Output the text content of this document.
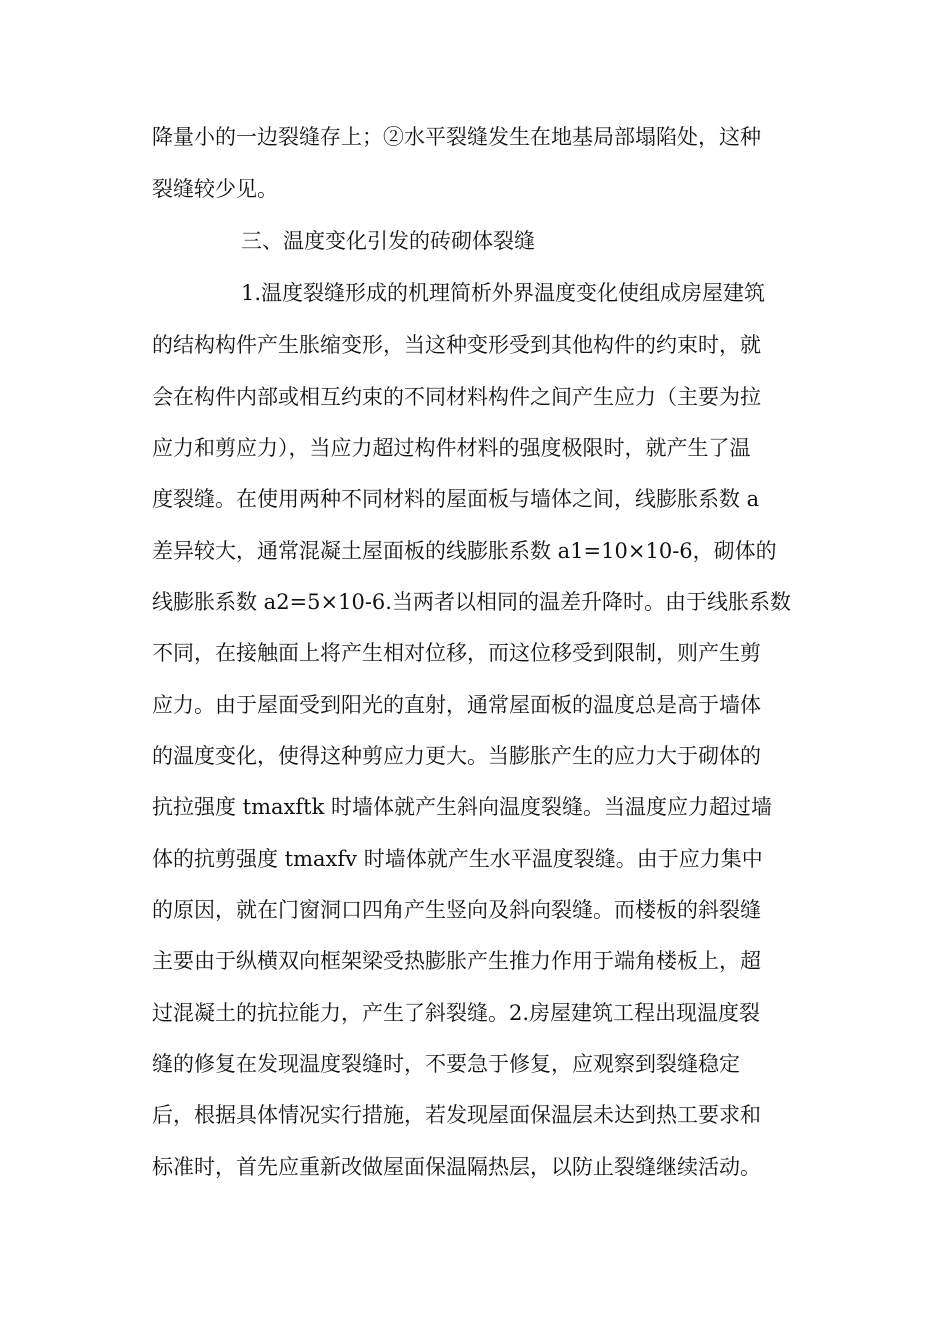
降量小的一边裂缝存上；②水平裂缝发生在地基局部塌陷处，这种
裂缝较少见。
三、温度变化引发的砖砌体裂缝
1.温度裂缝形成的机理简析外界温度变化使组成房屋建筑
的结构构件产生胀缩变形，当这种变形受到其他构件的约束时，就
会在构件内部或相互约束的不同材料构件之间产生应力（主要为拉
应力和剪应力），当应力超过构件材料的强度极限时，就产生了温
度裂缝。在使用两种不同材料的屋面板与墙体之间，线膨胀系数 a
差异较大，通常混凝土屋面板的线膨胀系数 a1=10×10-6，砌体的
线膨胀系数 a2=5×10-6.当两者以相同的温差升降时。由于线胀系数
不同，在接触面上将产生相对位移，而这位移受到限制，则产生剪
应力。由于屋面受到阳光的直射，通常屋面板的温度总是高于墙体
的温度变化，使得这种剪应力更大。当膨胀产生的应力大于砌体的
抗拉强度 tmaxftk 时墙体就产生斜向温度裂缝。当温度应力超过墙
体的抗剪强度 tmaxfv 时墙体就产生水平温度裂缝。由于应力集中
的原因，就在门窗洞口四角产生竖向及斜向裂缝。而楼板的斜裂缝
主要由于纵横双向框架梁受热膨胀产生推力作用于端角楼板上，超
过混凝土的抗拉能力，产生了斜裂缝。2.房屋建筑工程出现温度裂
缝的修复在发现温度裂缝时，不要急于修复，应观察到裂缝稳定
后，根据具体情况实行措施，若发现屋面保温层未达到热工要求和
标准时，首先应重新改做屋面保温隔热层，以防止裂缝继续活动。
